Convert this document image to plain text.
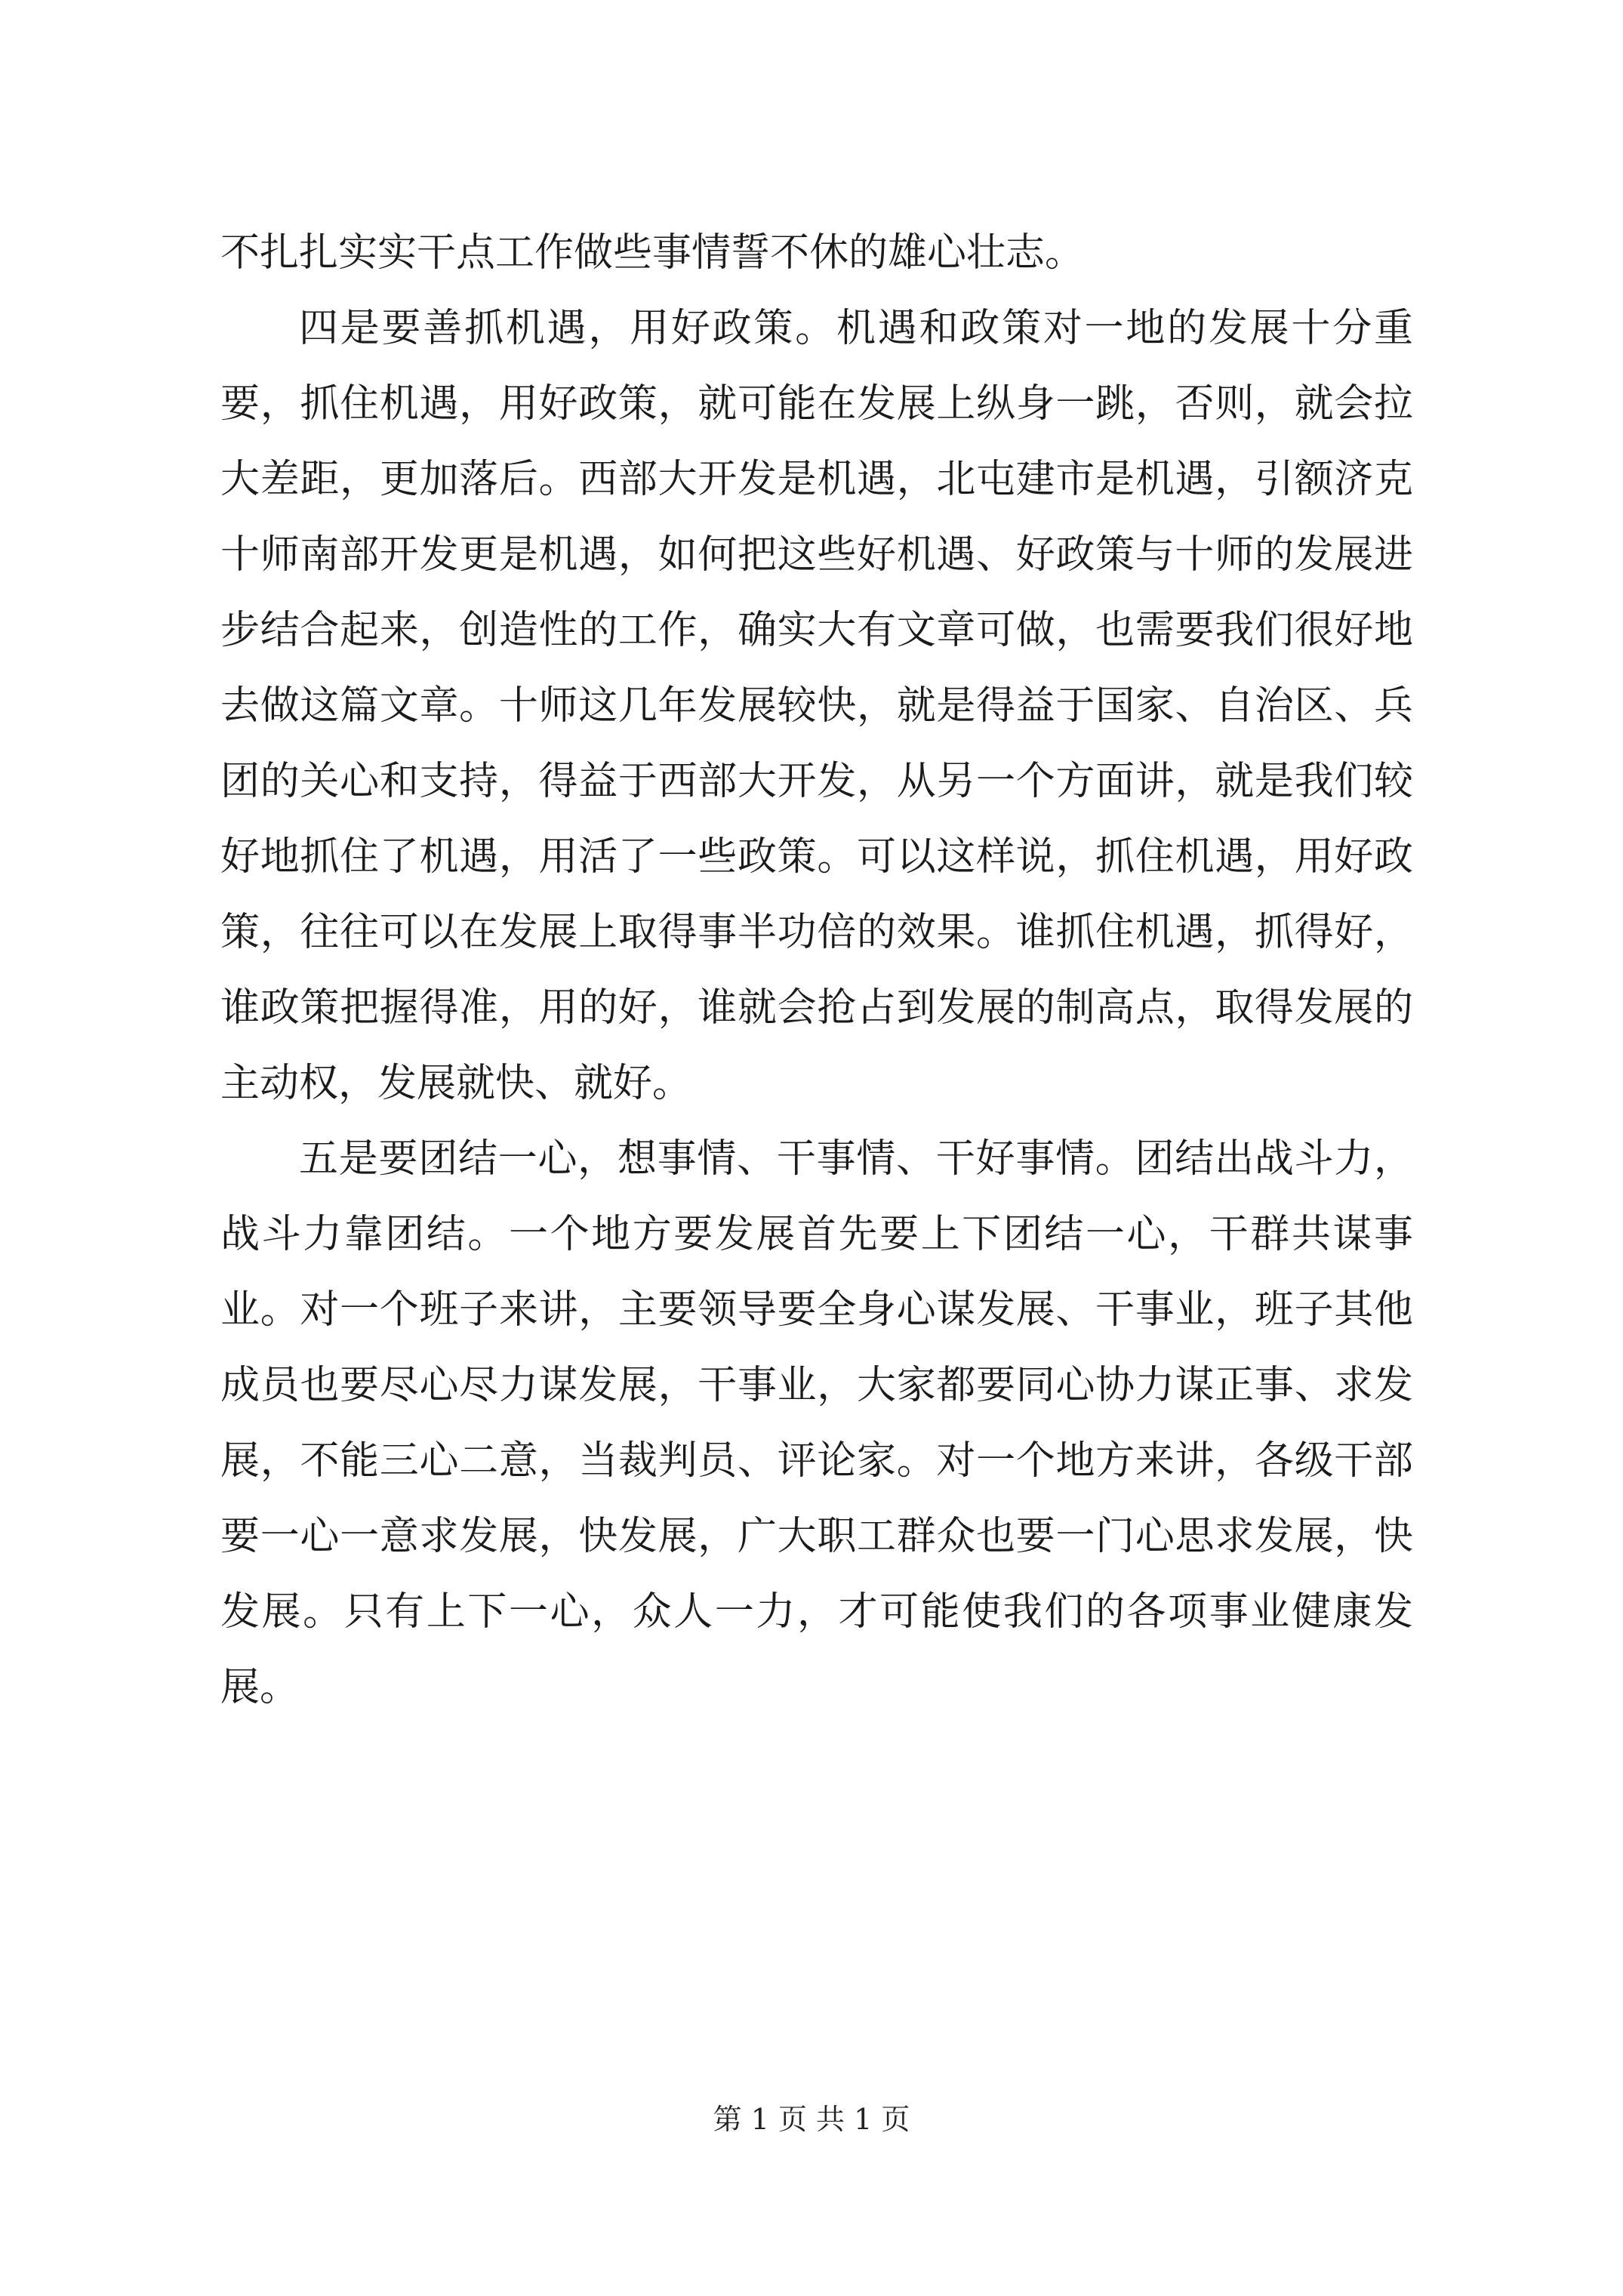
不扎扎实实干点工作做些事情誓不休的雄心壮志。

四是要善抓机遇，用好政策。机遇和政策对一地的发展十分重要，抓住机遇，用好政策，就可能在发展上纵身一跳，否则，就会拉大差距，更加落后。西部大开发是机遇，北屯建市是机遇，引额济克十师南部开发更是机遇，如何把这些好机遇、好政策与十师的发展进步结合起来，创造性的工作，确实大有文章可做，也需要我们很好地去做这篇文章。十师这几年发展较快，就是得益于国家、自治区、兵团的关心和支持，得益于西部大开发，从另一个方面讲，就是我们较好地抓住了机遇，用活了一些政策。可以这样说，抓住机遇，用好政策，往往可以在发展上取得事半功倍的效果。谁抓住机遇，抓得好，谁政策把握得准，用的好，谁就会抢占到发展的制高点，取得发展的主动权，发展就快、就好。

五是要团结一心，想事情、干事情、干好事情。团结出战斗力，战斗力靠团结。一个地方要发展首先要上下团结一心，干群共谋事业。对一个班子来讲，主要领导要全身心谋发展、干事业，班子其他成员也要尽心尽力谋发展，干事业，大家都要同心协力谋正事、求发展，不能三心二意，当裁判员、评论家。对一个地方来讲，各级干部要一心一意求发展，快发展，广大职工群众也要一门心思求发展，快发展。只有上下一心，众人一力，才可能使我们的各项事业健康发展。

第 1 页 共 1 页
